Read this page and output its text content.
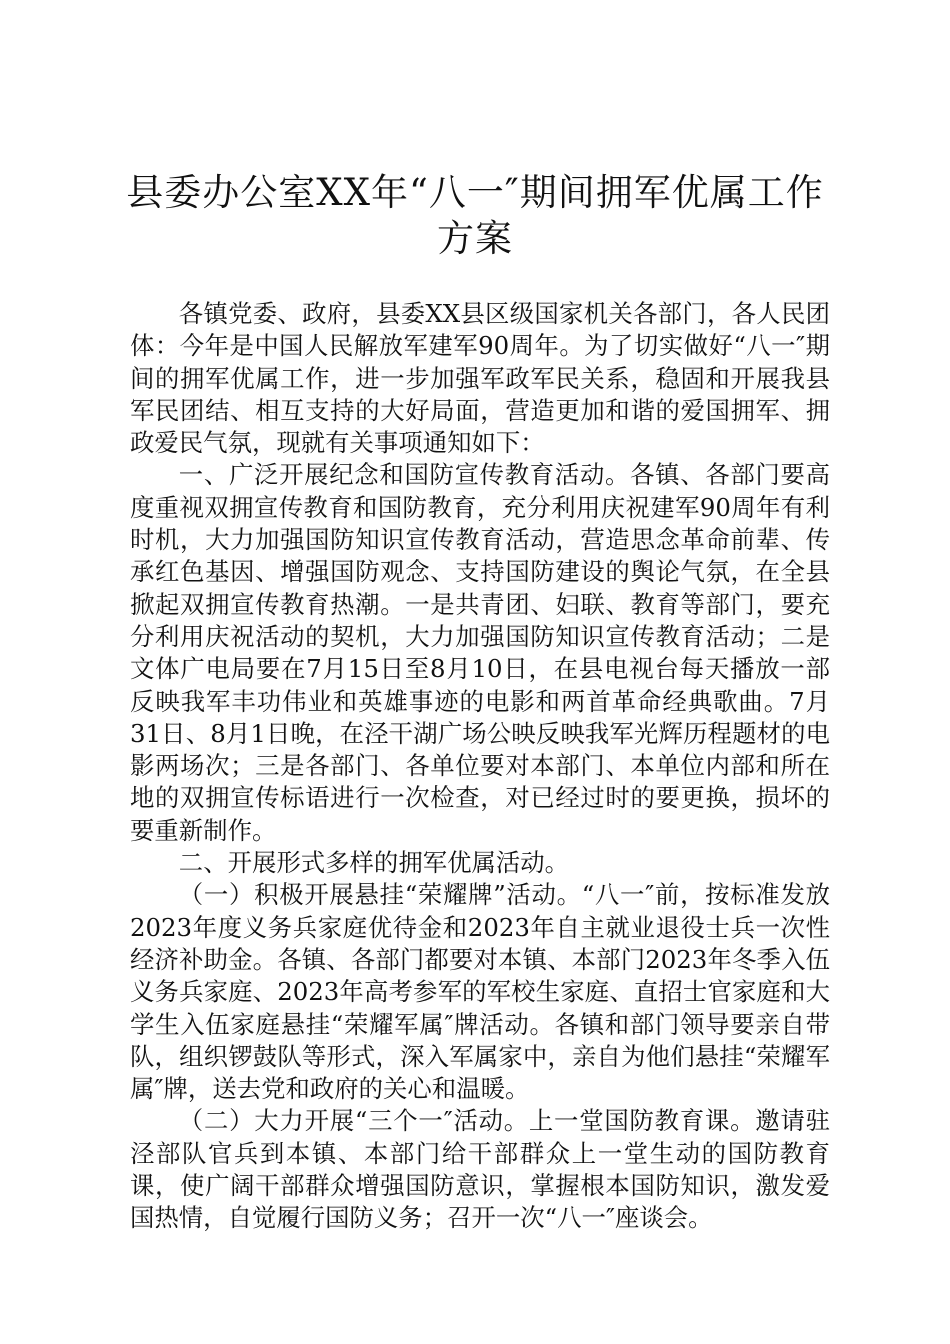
县委办公室XX年“八一″期间拥军优属工作
方案

各镇党委、政府，县委XX县区级国家机关各部门，各人民团体：今年是中国人民解放军建军90周年。为了切实做好“八一″期间的拥军优属工作，进一步加强军政军民关系，稳固和开展我县军民团结、相互支持的大好局面，营造更加和谐的爱国拥军、拥政爱民气氛，现就有关事项通知如下：

一、广泛开展纪念和国防宣传教育活动。各镇、各部门要高度重视双拥宣传教育和国防教育，充分利用庆祝建军90周年有利时机，大力加强国防知识宣传教育活动，营造思念革命前辈、传承红色基因、增强国防观念、支持国防建设的舆论气氛，在全县掀起双拥宣传教育热潮。一是共青团、妇联、教育等部门，要充分利用庆祝活动的契机，大力加强国防知识宣传教育活动；二是文体广电局要在7月15日至8月10日，在县电视台每天播放一部反映我军丰功伟业和英雄事迹的电影和两首革命经典歌曲。7月31日、8月1日晚，在泾干湖广场公映反映我军光辉历程题材的电影两场次；三是各部门、各单位要对本部门、本单位内部和所在地的双拥宣传标语进行一次检查，对已经过时的要更换，损坏的要重新制作。

二、开展形式多样的拥军优属活动。

（一）积极开展悬挂“荣耀牌”活动。“八一″前，按标准发放2023年度义务兵家庭优待金和2023年自主就业退役士兵一次性经济补助金。各镇、各部门都要对本镇、本部门2023年冬季入伍义务兵家庭、2023年高考参军的军校生家庭、直招士官家庭和大学生入伍家庭悬挂“荣耀军属″牌活动。各镇和部门领导要亲自带队，组织锣鼓队等形式，深入军属家中，亲自为他们悬挂“荣耀军属″牌，送去党和政府的关心和温暖。

（二）大力开展“三个一″活动。上一堂国防教育课。邀请驻泾部队官兵到本镇、本部门给干部群众上一堂生动的国防教育课，使广阔干部群众增强国防意识，掌握根本国防知识，激发爱国热情，自觉履行国防义务；召开一次“八一″座谈会。
